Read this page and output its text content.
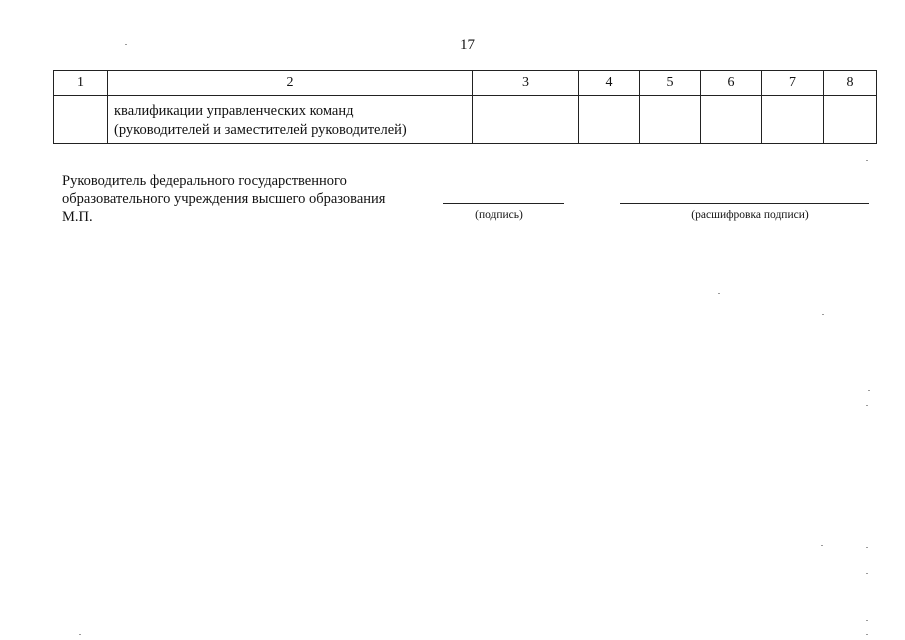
17
1	2	3	4	5	6	7	8

	квалификации управленческих команд
(руководителей и заместителей руководителей)						

Руководитель федерального государственного
образовательного учреждения высшего образования
М.П.	(подпись)	(расшифровка подписи)
